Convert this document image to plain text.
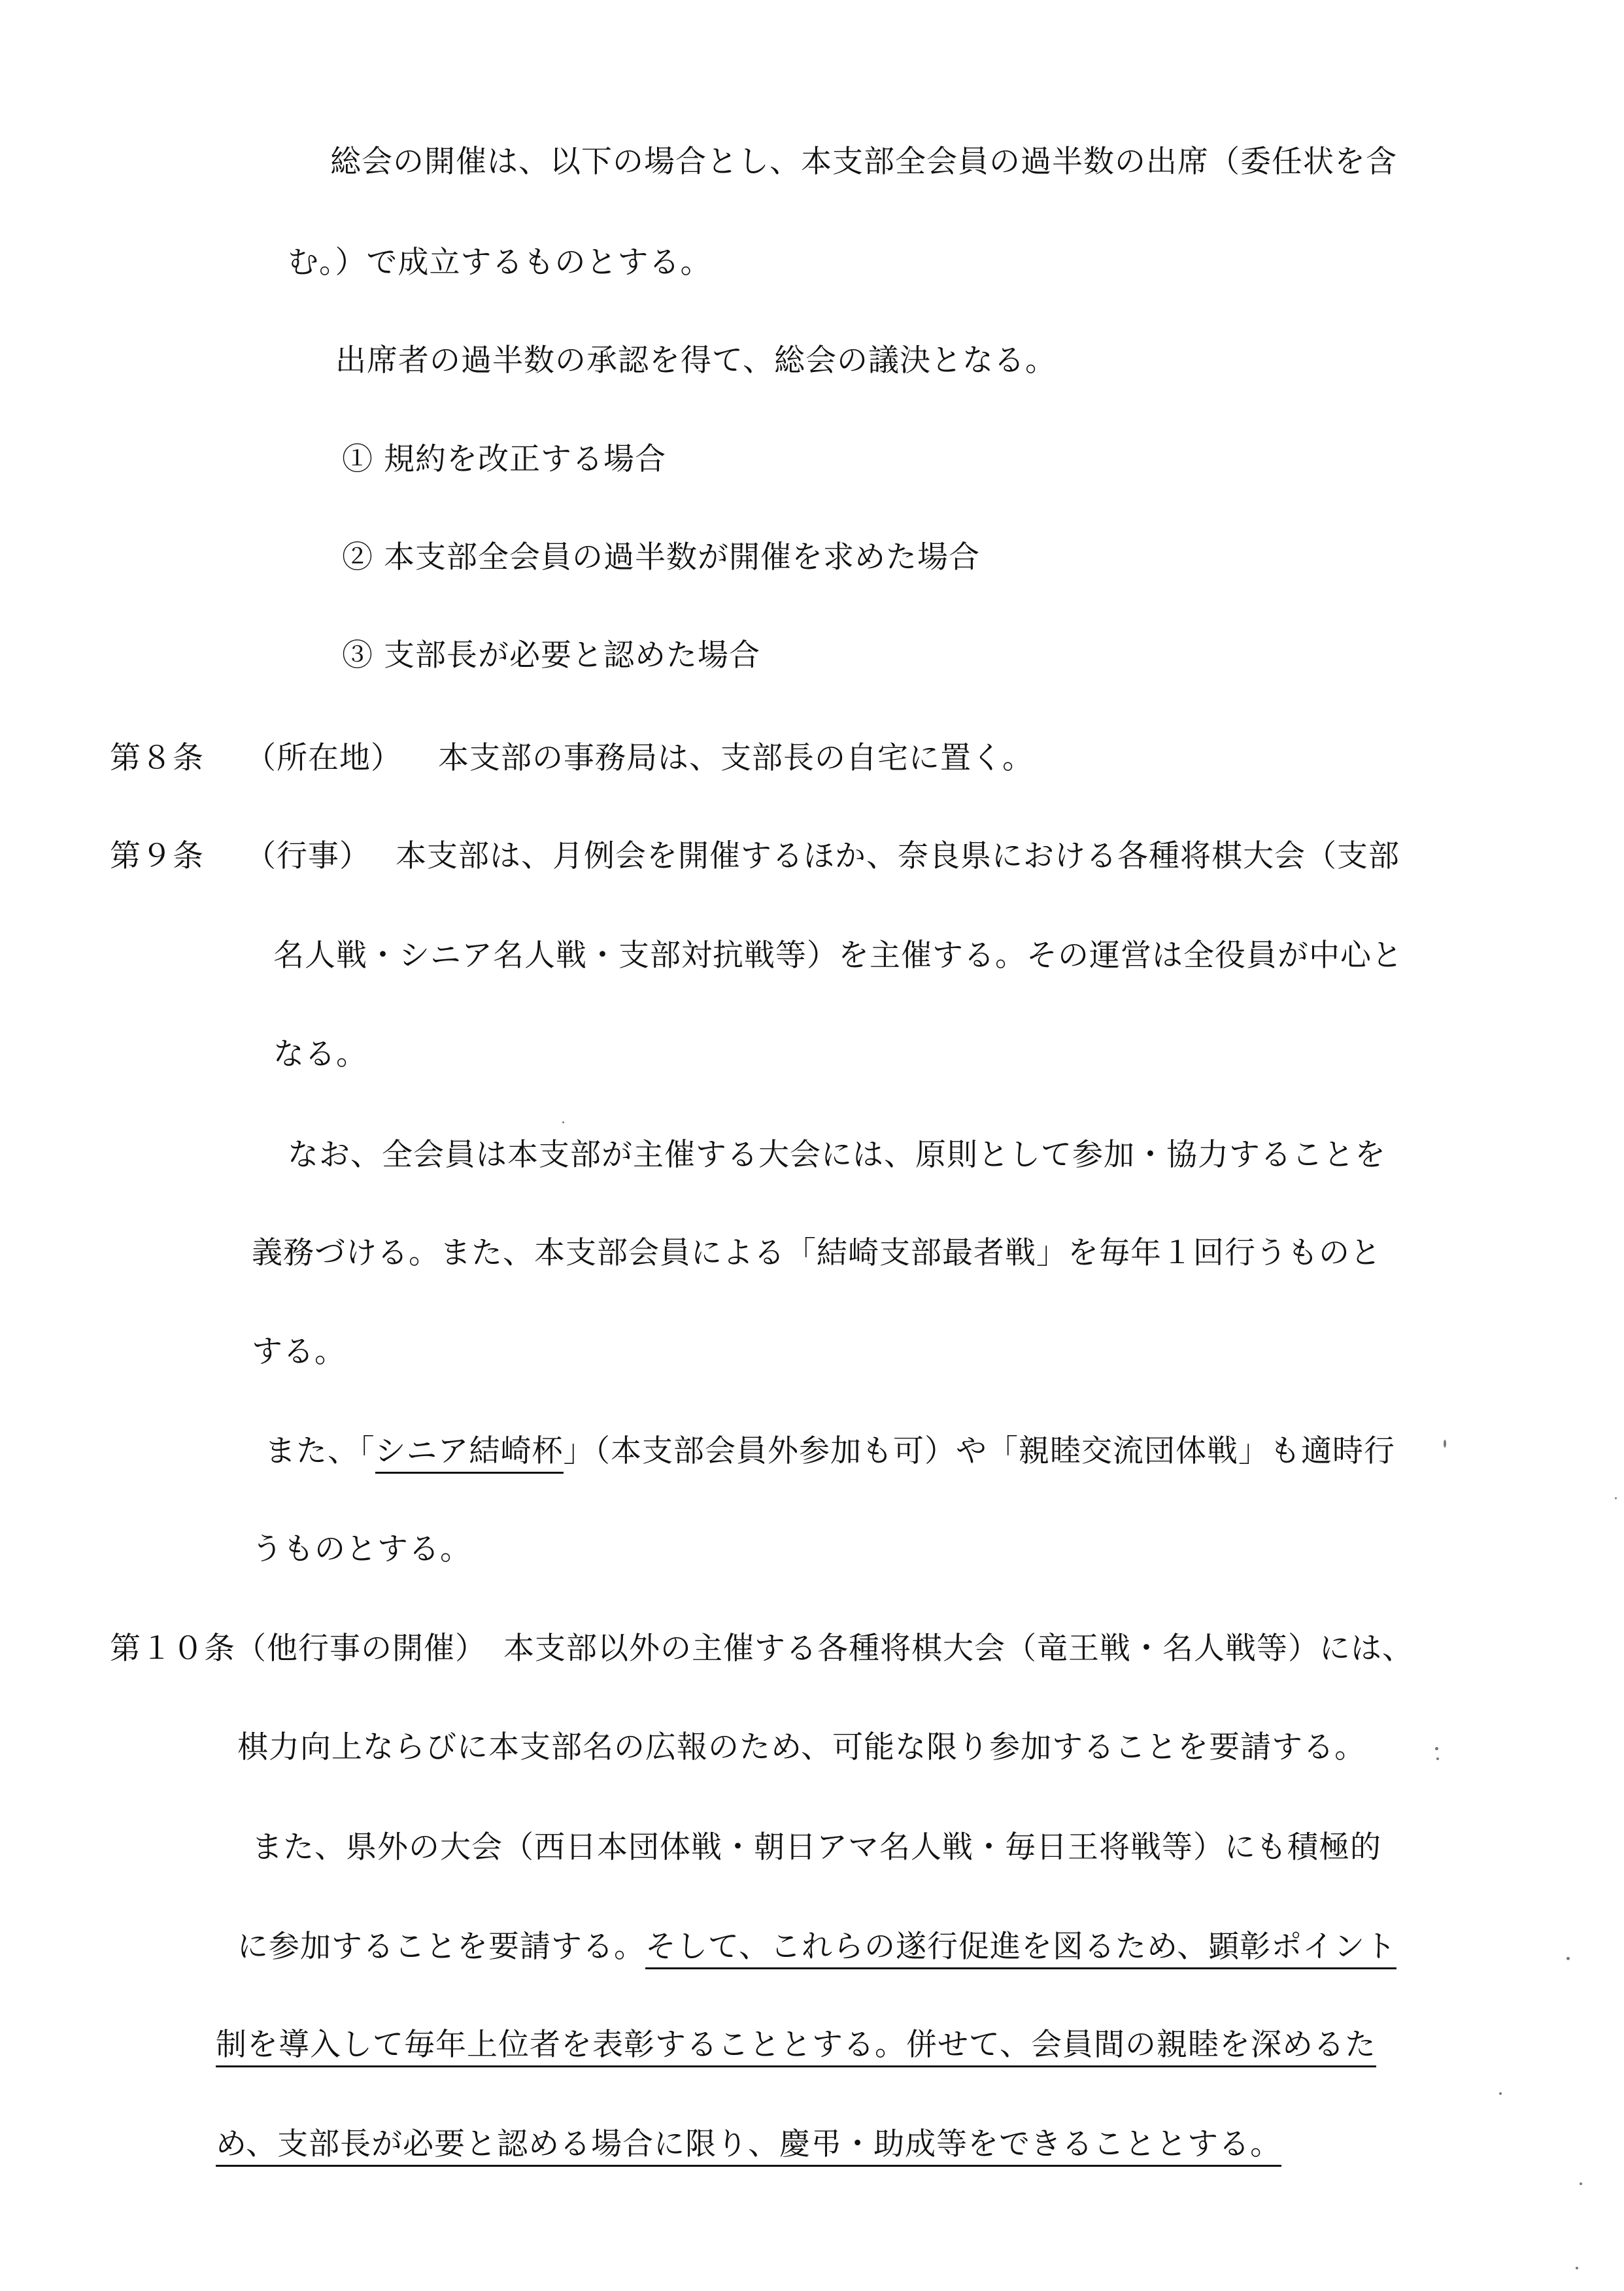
総会の開催は、以下の場合とし、本支部全会員の過半数の出席（委任状を含
む。）で成立するものとする。
出席者の過半数の承認を得て、総会の議決となる。
① 規約を改正する場合
② 本支部全会員の過半数が開催を求めた場合
③ 支部長が必要と認めた場合
第８条 （所在地） 本支部の事務局は、支部長の自宅に置く。
第９条 （行事） 本支部は、月例会を開催するほか、奈良県における各種将棋大会（支部
名人戦・シニア名人戦・支部対抗戦等）を主催する。その運営は全役員が中心と
なる。
なお、全会員は本支部が主催する大会には、原則として参加・協力することを
義務づける。また、本支部会員による「結崎支部最者戦」を毎年１回行うものと
する。
また、「シニア結崎杯」（本支部会員外参加も可）や「親睦交流団体戦」も適時行
うものとする。
第１０条（他行事の開催） 本支部以外の主催する各種将棋大会（竜王戦・名人戦等）には、
棋力向上ならびに本支部名の広報のため、可能な限り参加することを要請する。
また、県外の大会（西日本団体戦・朝日アマ名人戦・毎日王将戦等）にも積極的
に参加することを要請する。そして、これらの遂行促進を図るため、顕彰ポイント
制を導入して毎年上位者を表彰することとする。併せて、会員間の親睦を深めるた
め、支部長が必要と認める場合に限り、慶弔・助成等をできることとする。
